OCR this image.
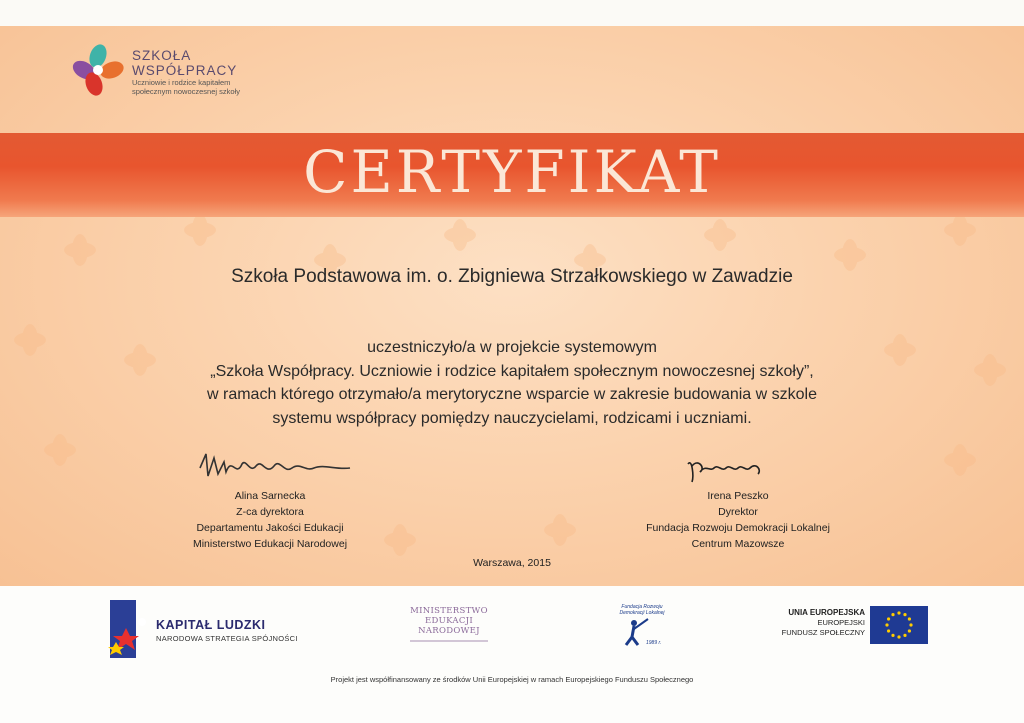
SZKOŁA
WSPÓŁPRACY
Uczniowie i rodzice kapitałem
społecznym nowoczesnej szkoły
CERTYFIKAT
Szkoła Podstawowa im. o. Zbigniewa Strzałkowskiego w Zawadzie
uczestniczyło/a w projekcie systemowym
„Szkoła Współpracy. Uczniowie i rodzice kapitałem społecznym nowoczesnej szkoły”,
w ramach którego otrzymało/a merytoryczne wsparcie w zakresie budowania w szkole
systemu współpracy pomiędzy nauczycielami, rodzicami i uczniami.
Alina Sarnecka
Z-ca dyrektora
Departamentu Jakości Edukacji
Ministerstwo Edukacji Narodowej
Irena Peszko
Dyrektor
Fundacja Rozwoju Demokracji Lokalnej
Centrum Mazowsze
Warszawa, 2015
KAPITAŁ LUDZKI
NARODOWA STRATEGIA SPÓJNOŚCI
MINISTERSTWO
EDUKACJI
NARODOWEJ
Fundacja Rozwoju
Demokracji Lokalnej
1989 r.
UNIA EUROPEJSKA
EUROPEJSKI
FUNDUSZ SPOŁECZNY
Projekt jest współfinansowany ze środków Unii Europejskiej w ramach Europejskiego Funduszu Społecznego
